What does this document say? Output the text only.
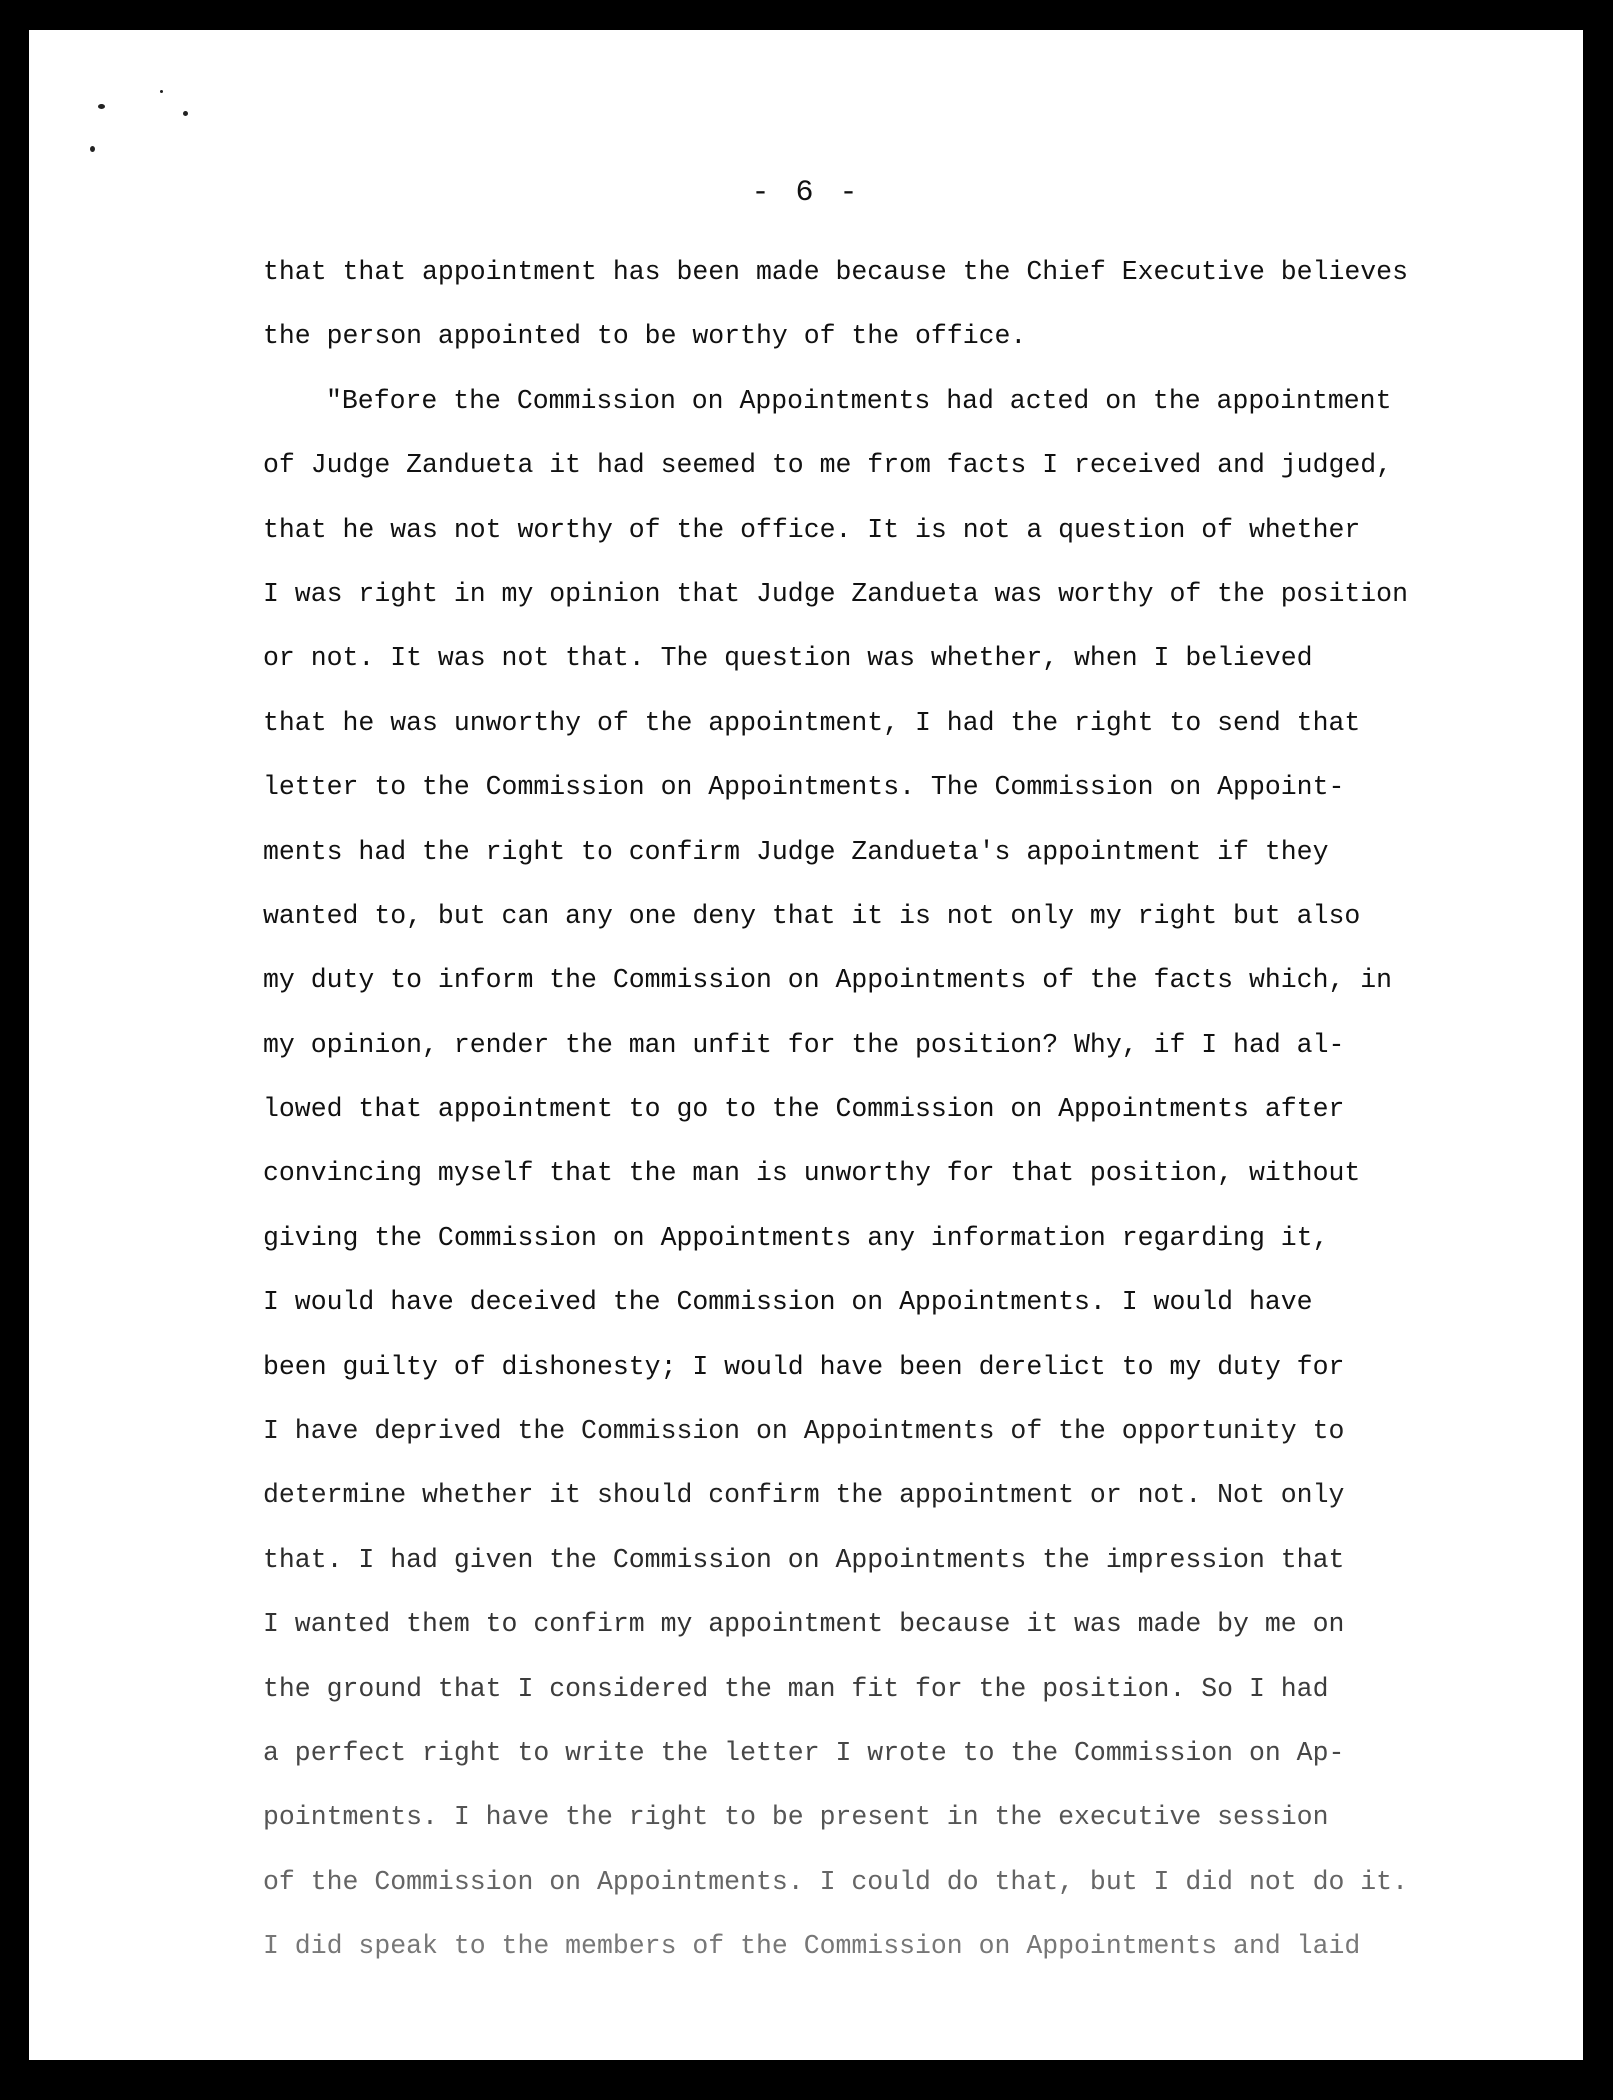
- 6 -
that that appointment has been made because the Chief Executive believes
the person appointed to be worthy of the office.
"Before the Commission on Appointments had acted on the appointment
of Judge Zandueta it had seemed to me from facts I received and judged,
that he was not worthy of the office. It is not a question of whether
I was right in my opinion that Judge Zandueta was worthy of the position
or not. It was not that. The question was whether, when I believed
that he was unworthy of the appointment, I had the right to send that
letter to the Commission on Appointments. The Commission on Appoint-
ments had the right to confirm Judge Zandueta's appointment if they
wanted to, but can any one deny that it is not only my right but also
my duty to inform the Commission on Appointments of the facts which, in
my opinion, render the man unfit for the position? Why, if I had al-
lowed that appointment to go to the Commission on Appointments after
convincing myself that the man is unworthy for that position, without
giving the Commission on Appointments any information regarding it,
I would have deceived the Commission on Appointments. I would have
been guilty of dishonesty; I would have been derelict to my duty for
I have deprived the Commission on Appointments of the opportunity to
determine whether it should confirm the appointment or not. Not only
that. I had given the Commission on Appointments the impression that
I wanted them to confirm my appointment because it was made by me on
the ground that I considered the man fit for the position. So I had
a perfect right to write the letter I wrote to the Commission on Ap-
pointments. I have the right to be present in the executive session
of the Commission on Appointments. I could do that, but I did not do it.
I did speak to the members of the Commission on Appointments and laid
